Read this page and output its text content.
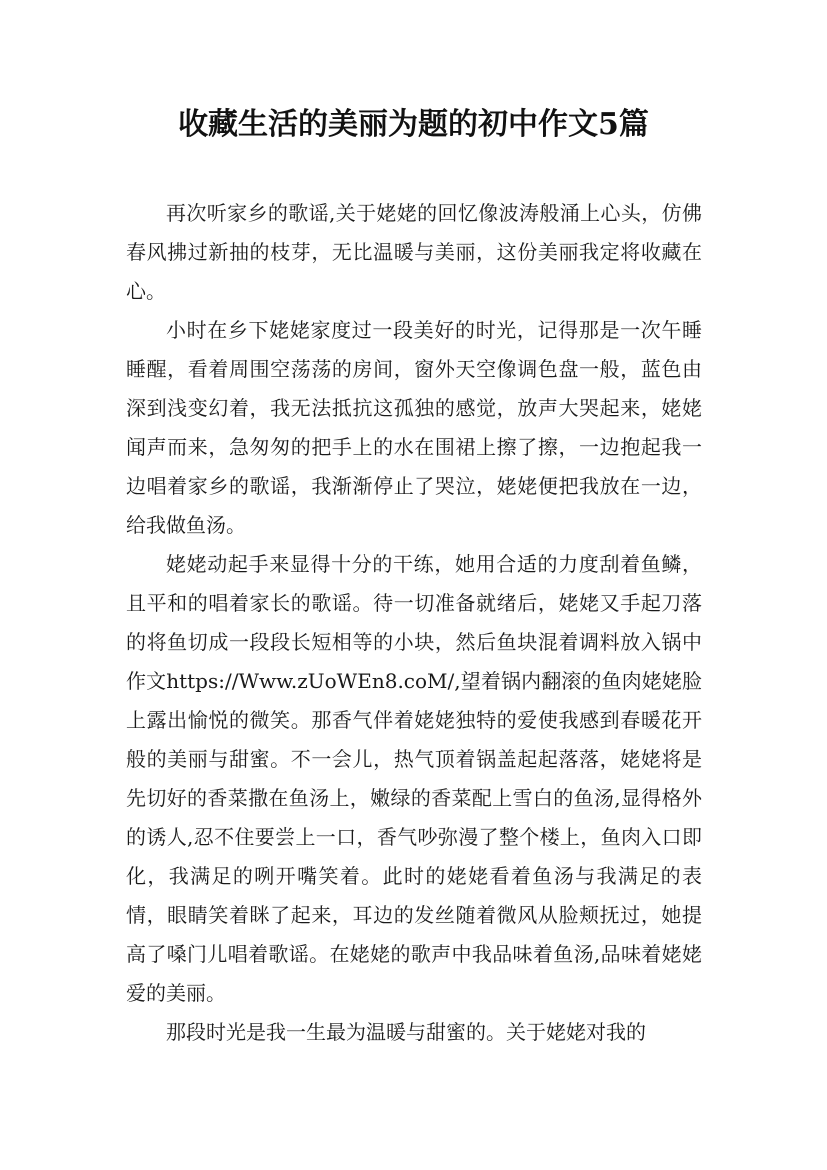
收藏生活的美丽为题的初中作文5篇

再次听家乡的歌谣,关于姥姥的回忆像波涛般涌上心头，仿佛春风拂过新抽的枝芽，无比温暖与美丽，这份美丽我定将收藏在心。

小时在乡下姥姥家度过一段美好的时光，记得那是一次午睡睡醒，看着周围空荡荡的房间，窗外天空像调色盘一般，蓝色由深到浅变幻着，我无法抵抗这孤独的感觉，放声大哭起来，姥姥闻声而来，急匆匆的把手上的水在围裙上擦了擦，一边抱起我一边唱着家乡的歌谣，我渐渐停止了哭泣，姥姥便把我放在一边，给我做鱼汤。

姥姥动起手来显得十分的干练，她用合适的力度刮着鱼鳞，且平和的唱着家长的歌谣。待一切准备就绪后，姥姥又手起刀落的将鱼切成一段段长短相等的小块，然后鱼块混着调料放入锅中作文https://Www.zUoWEn8.coM/,望着锅内翻滚的鱼肉姥姥脸上露出愉悦的微笑。那香气伴着姥姥独特的爱使我感到春暖花开般的美丽与甜蜜。不一会儿，热气顶着锅盖起起落落，姥姥将是先切好的香菜撒在鱼汤上，嫩绿的香菜配上雪白的鱼汤,显得格外的诱人,忍不住要尝上一口，香气吵弥漫了整个楼上，鱼肉入口即化，我满足的咧开嘴笑着。此时的姥姥看着鱼汤与我满足的表情，眼睛笑着眯了起来，耳边的发丝随着微风从脸颊抚过，她提高了嗓门儿唱着歌谣。在姥姥的歌声中我品味着鱼汤,品味着姥姥爱的美丽。

那段时光是我一生最为温暖与甜蜜的。关于姥姥对我的
